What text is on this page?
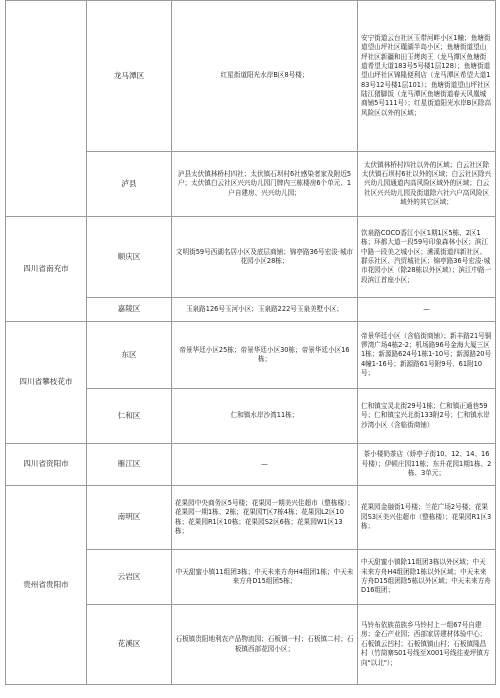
	龙马潭区	红星街道阳光水岸B区8号楼；	安宁街道云台社区玉带河畔小区1幢；鱼塘街道望山坪社区瓏湖半岛小区；鱼塘街道望山坪社区新疆和田玉烤肉王（龙马潭区鱼塘街道希望大道183号5号楼1层128）；鱼塘街道望山坪社区锦隆便利店（龙马潭区希望大道183号12号楼1层101）；鱼塘街道望山坪社区陆江猪脚饭（龙马潭区鱼塘街道春天风凰城商铺5号111号）；红星街道阳光水岸B区除高风险区以外的区域；
	泸县	泸县太伏镇林桥村四社；太伏镇石坝村6社感染者家及附近5户；太伏镇白云社区兴兴幼儿园门牌内三栋楼房6个单元、1户自建房、兴兴幼儿园；	太伏镇林桥村四社以外的区域；白云社区除太伏镇石坝村6社以外的区域；白云社区除兴兴幼儿园通道内高风险区域外的区域；白云社区兴兴幼儿园及街道除六社六户高风险区域外的其它区域；
四川省南充市	顺庆区	文明街59号西湖名居小区及底层商铺；锦亭路36号宏浚·城市花园小区28栋；	饮泉路COCO香江小区1期1区5栋、2区1栋；环都大道一段59号印象森林小区；滨江中路一段美之城小区；潆溪街道四新社区、群乐社区、汽贸城社区；锦亭路36号宏浚·城市花园小区（除28栋以外区域）；滨江中路一段滨江首座小区；
	嘉陵区	玉泉路126号玉河小区；玉泉路222号玉泉美墅小区；	—
四川省攀枝花市	东区	帝景华廷小区25栋；帝景华廷小区30栋；帝景华廷小区16栋；	帝景华廷小区（含临街商铺）；新丰路21号铜锣湾广场4栋2-2；机场路96号金海大厦三区1栋；新源路624号1栋1-10号；新源路20号4幢1-16号；新源路61号附9号、61附10号；
	仁和区	仁和镇水岸沙湾11栋；	仁和镇宝灵北街29号1栋；仁和镇正通巷59号；仁和镇宝兴北街133附2号；仁和镇水岸沙湾小区（含临街商铺）
四川省资阳市	雁江区	—	茶小楼奶茶店（娇亭子街10、12、14、16号楼）；伊顿庄园11栋；东升花园1期1栋、2栋、3单元；
贵州省贵阳市	南明区	花果园中央商务区5号楼；花果园一期美兴佳超市（整栋楼）；花果园一期1栋、2栋；花果园T区7栋4栋；花果园L2区10栋；花果园R1区10栋；花果园S2区6栋；花果园W1区13栋；	花果园金融街1号楼；兰花广场2号楼；花果园S3区美兴佳超市（整栋楼）；花果园R1区3栋；
	云岩区	中天甜蜜小镇11组团3栋；中天未来方舟H4组团1栋；中天未来方舟D15组团5栋；	中天甜蜜小镇除11组团3栋以外区域；中天未来方舟H4组团除1栋以外区域；中天未来方舟D15组团除5栋以外区域；中天未来方舟D16组团；
	花溪区	石板镇贵阳地利农产品物流园；石板镇一村；石板镇二村；石板镇西部花园小区；	马铃布依族苗族乡马铃村上一组67号自建房；金石产业园；西部家居建材体验中心；石板镇云凹村；石板镇镇山村；石板镇隆昌村（竹筒寨S01号线至X001号线往麦坪镇方向"以北"）；
